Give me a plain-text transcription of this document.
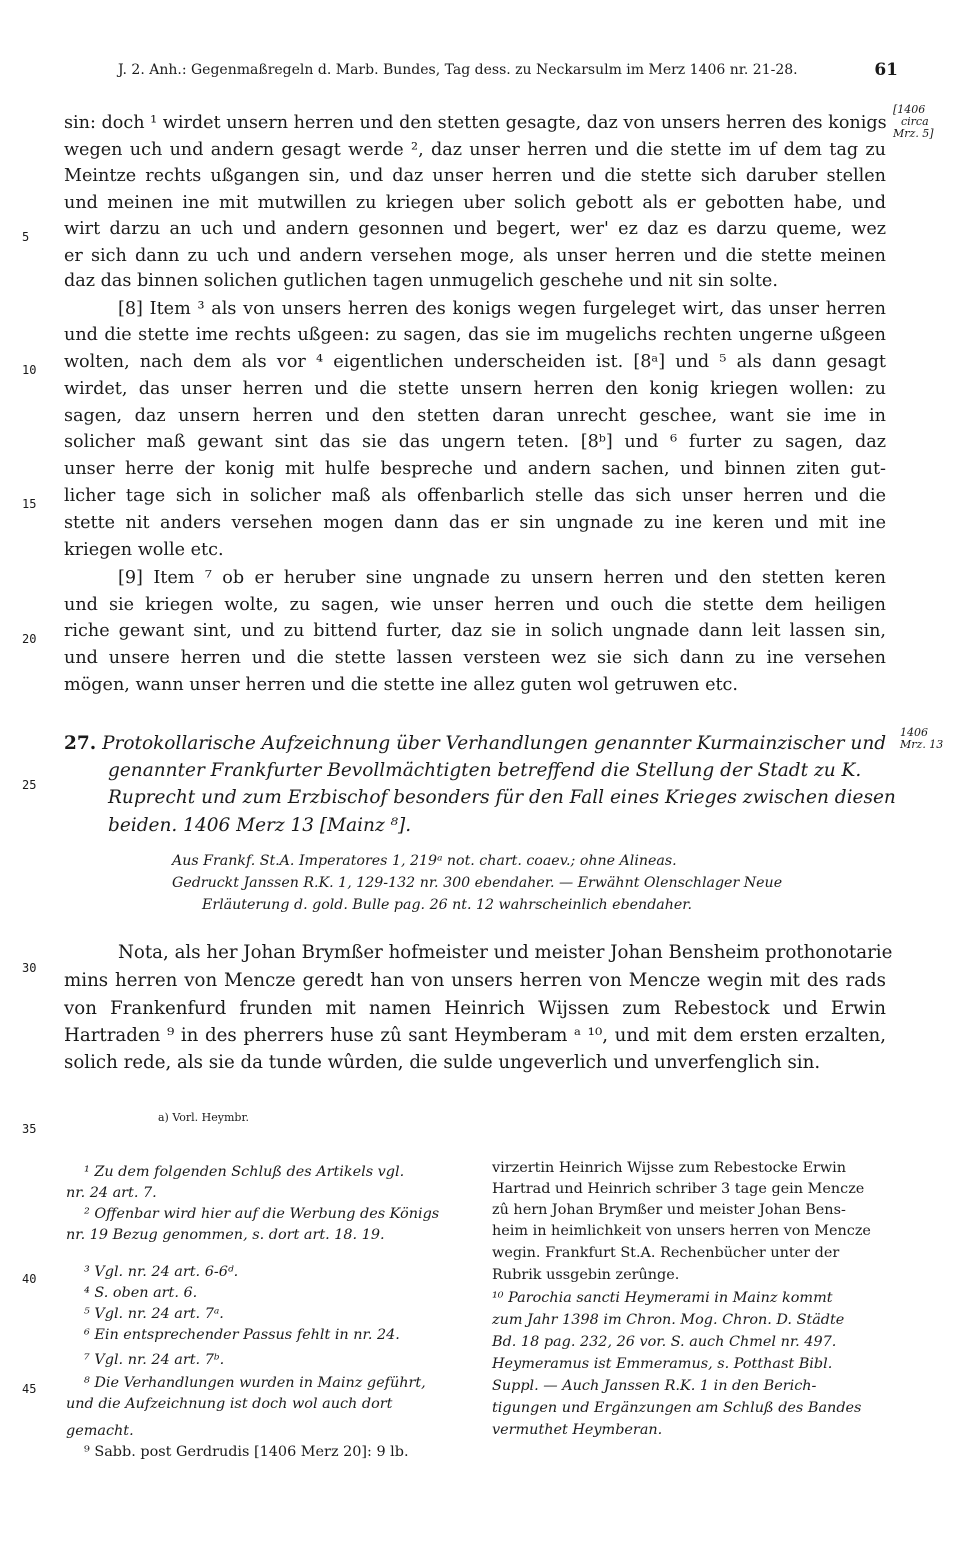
J. 2. Anh.: Gegenmaßregeln d. Marb. Bundes, Tag dess. zu Neckarsulm im Merz 1406 nr. 21-28.	61
[1406
circa
Mrz. 5]
sin: doch ¹ wirdet unsern herren und den stetten gesagte, daz von unsers herren des konigs
wegen uch und andern gesagt werde ², daz unser herren und die stette im uf dem tag zu
Meintze rechts ußgangen sin, und daz unser herren und die stette sich daruber stellen
und meinen ine mit mutwillen zu kriegen uber solich gebott als er gebotten habe, und
wirt darzu an uch und andern gesonnen und begert, wer' ez daz es darzu queme, wez
er sich dann zu uch und andern versehen moge, als unser herren und die stette meinen
daz das binnen solichen gutlichen tagen unmugelich geschehe und nit sin solte.
[8] Item ³ als von unsers herren des konigs wegen furgeleget wirt, das unser herren
und die stette ime rechts ußgeen: zu sagen, das sie im mugelichs rechten ungerne ußgeen
wolten, nach dem als vor ⁴ eigentlichen underscheiden ist. [8ᵃ] und ⁵ als dann gesagt
wirdet, das unser herren und die stette unsern herren den konig kriegen wollen: zu
sagen, daz unsern herren und den stetten daran unrecht geschee, want sie ime in
solicher maß gewant sint das sie das ungern teten. [8ᵇ] und ⁶ furter zu sagen, daz
unser herre der konig mit hulfe bespreche und andern sachen, und binnen ziten gut-
licher tage sich in solicher maß als offenbarlich stelle das sich unser herren und die
stette nit anders versehen mogen dann das er sin ungnade zu ine keren und mit ine
kriegen wolle etc.
[9] Item ⁷ ob er heruber sine ungnade zu unsern herren und den stetten keren
und sie kriegen wolte, zu sagen, wie unser herren und ouch die stette dem heiligen
riche gewant sint, und zu bittend furter, daz sie in solich ungnade dann leit lassen sin,
und unsere herren und die stette lassen versteen wez sie sich dann zu ine versehen
mögen, wann unser herren und die stette ine allez guten wol getruwen etc.
5
10
15
20
25
30
35
40
45
27. Protokollarische Aufzeichnung über Verhandlungen genannter Kurmainzischer und
genannter Frankfurter Bevollmächtigten betreffend die Stellung der Stadt zu K.
Ruprecht und zum Erzbischof besonders für den Fall eines Krieges zwischen diesen
beiden. 1406 Merz 13 [Mainz ⁸].
1406
Mrz. 13
Aus Frankf. St.A. Imperatores 1, 219ᵃ not. chart. coaev.; ohne Alineas.
Gedruckt Janssen R.K. 1, 129-132 nr. 300 ebendaher. — Erwähnt Olenschlager Neue
Erläuterung d. gold. Bulle pag. 26 nt. 12 wahrscheinlich ebendaher.
Nota, als her Johan Brymßer hofmeister und meister Johan Bensheim prothonotarie
mins herren von Mencze geredt han von unsers herren von Mencze wegin mit des rads
von Frankenfurd frunden mit namen Heinrich Wijssen zum Rebestock und Erwin
Hartraden ⁹ in des pherrers huse zû sant Heymberam ᵃ ¹⁰, und mit dem ersten erzalten,
solich rede, als sie da tunde wûrden, die sulde ungeverlich und unverfenglich sin.
a) Vorl. Heymbr.
¹ Zu dem folgenden Schluß des Artikels vgl.
nr. 24 art. 7.
² Offenbar wird hier auf die Werbung des Königs
nr. 19 Bezug genommen, s. dort art. 18. 19.
³ Vgl. nr. 24 art. 6-6ᵈ.
⁴ S. oben art. 6.
⁵ Vgl. nr. 24 art. 7ᵃ.
⁶ Ein entsprechender Passus fehlt in nr. 24.
⁷ Vgl. nr. 24 art. 7ᵇ.
⁸ Die Verhandlungen wurden in Mainz geführt,
und die Aufzeichnung ist doch wol auch dort
gemacht.
⁹ Sabb. post Gerdrudis [1406 Merz 20]: 9 lb.
virzertin Heinrich Wijsse zum Rebestocke Erwin
Hartrad und Heinrich schriber 3 tage gein Mencze
zû hern Johan Brymßer und meister Johan Bens-
heim in heimlichkeit von unsers herren von Mencze
wegin. Frankfurt St.A. Rechenbücher unter der
Rubrik ussgebin zerûnge.
¹⁰ Parochia sancti Heymerami in Mainz kommt
zum Jahr 1398 im Chron. Mog. Chron. D. Städte
Bd. 18 pag. 232, 26 vor. S. auch Chmel nr. 497.
Heymeramus ist Emmeramus, s. Potthast Bibl.
Suppl. — Auch Janssen R.K. 1 in den Berich-
tigungen und Ergänzungen am Schluß des Bandes
vermuthet Heymberan.
